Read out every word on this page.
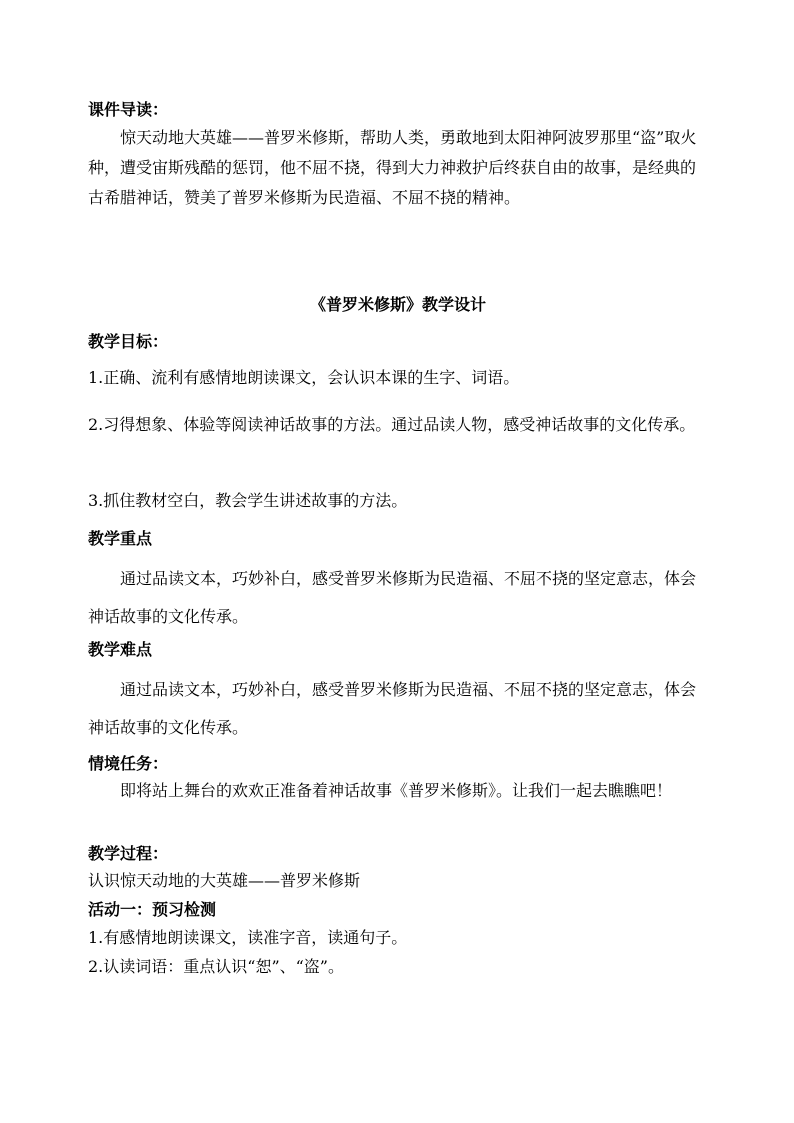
课件导读：

惊天动地大英雄——普罗米修斯，帮助人类，勇敢地到太阳神阿波罗那里“盗”取火种，遭受宙斯残酷的惩罚，他不屈不挠，得到大力神救护后终获自由的故事，是经典的古希腊神话，赞美了普罗米修斯为民造福、不屈不挠的精神。

《普罗米修斯》教学设计
教学目标：
1.正确、流利有感情地朗读课文，会认识本课的生字、词语。

2.习得想象、体验等阅读神话故事的方法。通过品读人物，感受神话故事的文化传承。

3.抓住教材空白，教会学生讲述故事的方法。
教学重点

通过品读文本，巧妙补白，感受普罗米修斯为民造福、不屈不挠的坚定意志，体会神话故事的文化传承。

教学难点

通过品读文本，巧妙补白，感受普罗米修斯为民造福、不屈不挠的坚定意志，体会神话故事的文化传承。

情境任务：

即将站上舞台的欢欢正准备着神话故事《普罗米修斯》。让我们一起去瞧瞧吧！

教学过程：
认识惊天动地的大英雄——普罗米修斯
活动一：预习检测
1.有感情地朗读课文，读准字音，读通句子。
2.认读词语：重点认识“恕”、“盗”。
